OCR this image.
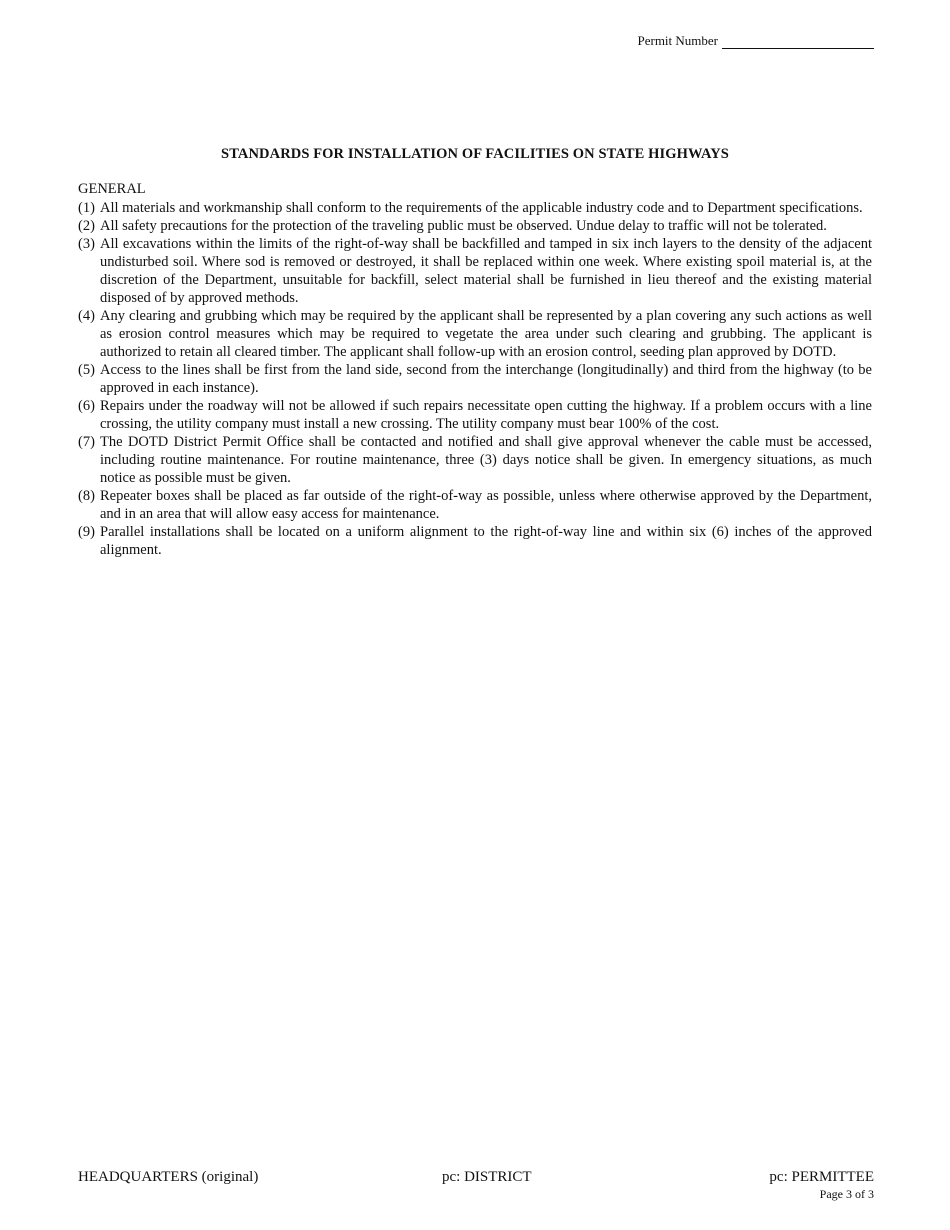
Permit Number
STANDARDS FOR INSTALLATION OF FACILITIES ON STATE HIGHWAYS
GENERAL
(1) All materials and workmanship shall conform to the requirements of the applicable industry code and to Department specifications.
(2) All safety precautions for the protection of the traveling public must be observed. Undue delay to traffic will not be tolerated.
(3) All excavations within the limits of the right-of-way shall be backfilled and tamped in six inch layers to the density of the adjacent undisturbed soil. Where sod is removed or destroyed, it shall be replaced within one week. Where existing spoil material is, at the discretion of the Department, unsuitable for backfill, select material shall be furnished in lieu thereof and the existing material disposed of by approved methods.
(4) Any clearing and grubbing which may be required by the applicant shall be represented by a plan covering any such actions as well as erosion control measures which may be required to vegetate the area under such clearing and grubbing. The applicant is authorized to retain all cleared timber. The applicant shall follow-up with an erosion control, seeding plan approved by DOTD.
(5) Access to the lines shall be first from the land side, second from the interchange (longitudinally) and third from the highway (to be approved in each instance).
(6) Repairs under the roadway will not be allowed if such repairs necessitate open cutting the highway. If a problem occurs with a line crossing, the utility company must install a new crossing. The utility company must bear 100% of the cost.
(7) The DOTD District Permit Office shall be contacted and notified and shall give approval whenever the cable must be accessed, including routine maintenance. For routine maintenance, three (3) days notice shall be given. In emergency situations, as much notice as possible must be given.
(8) Repeater boxes shall be placed as far outside of the right-of-way as possible, unless where otherwise approved by the Department, and in an area that will allow easy access for maintenance.
(9) Parallel installations shall be located on a uniform alignment to the right-of-way line and within six (6) inches of the approved alignment.
HEADQUARTERS (original)	pc: DISTRICT	pc: PERMITTEE
Page 3 of 3
